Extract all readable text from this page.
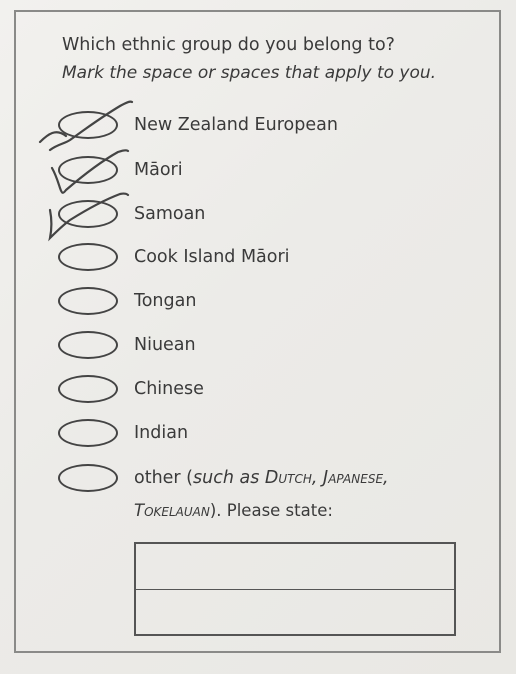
Which ethnic group do you belong to?
Mark the space or spaces that apply to you.
New Zealand European
Māori
Samoan
Cook Island Māori
Tongan
Niuean
Chinese
Indian
other (such as Dutch, Japanese,
Tokelauan). Please state:
